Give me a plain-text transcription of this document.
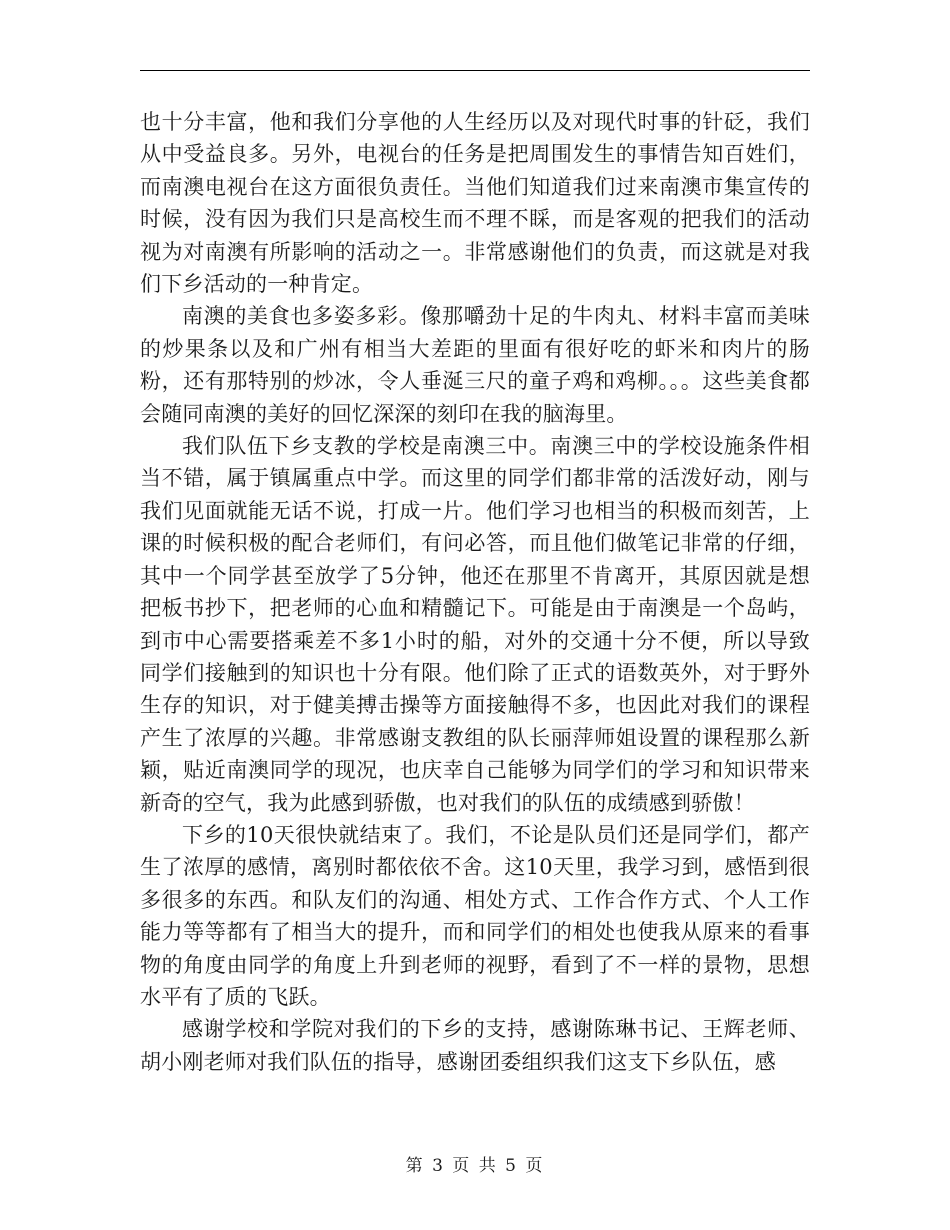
也十分丰富，他和我们分享他的人生经历以及对现代时事的针砭，我们从中受益良多。另外，电视台的任务是把周围发生的事情告知百姓们，而南澳电视台在这方面很负责任。当他们知道我们过来南澳市集宣传的时候，没有因为我们只是高校生而不理不睬，而是客观的把我们的活动视为对南澳有所影响的活动之一。非常感谢他们的负责，而这就是对我们下乡活动的一种肯定。

南澳的美食也多姿多彩。像那嚼劲十足的牛肉丸、材料丰富而美味的炒果条以及和广州有相当大差距的里面有很好吃的虾米和肉片的肠粉，还有那特别的炒冰，令人垂涎三尺的童子鸡和鸡柳。。。这些美食都会随同南澳的美好的回忆深深的刻印在我的脑海里。

我们队伍下乡支教的学校是南澳三中。南澳三中的学校设施条件相当不错，属于镇属重点中学。而这里的同学们都非常的活泼好动，刚与我们见面就能无话不说，打成一片。他们学习也相当的积极而刻苦，上课的时候积极的配合老师们，有问必答，而且他们做笔记非常的仔细，其中一个同学甚至放学了5分钟，他还在那里不肯离开，其原因就是想把板书抄下，把老师的心血和精髓记下。可能是由于南澳是一个岛屿，到市中心需要搭乘差不多1小时的船，对外的交通十分不便，所以导致同学们接触到的知识也十分有限。他们除了正式的语数英外，对于野外生存的知识，对于健美搏击操等方面接触得不多，也因此对我们的课程产生了浓厚的兴趣。非常感谢支教组的队长丽萍师姐设置的课程那么新颖，贴近南澳同学的现况，也庆幸自己能够为同学们的学习和知识带来新奇的空气，我为此感到骄傲，也对我们的队伍的成绩感到骄傲！

下乡的10天很快就结束了。我们，不论是队员们还是同学们，都产生了浓厚的感情，离别时都依依不舍。这10天里，我学习到，感悟到很多很多的东西。和队友们的沟通、相处方式、工作合作方式、个人工作能力等等都有了相当大的提升，而和同学们的相处也使我从原来的看事物的角度由同学的角度上升到老师的视野，看到了不一样的景物，思想水平有了质的飞跃。

感谢学校和学院对我们的下乡的支持，感谢陈琳书记、王辉老师、胡小刚老师对我们队伍的指导，感谢团委组织我们这支下乡队伍，感

第 3 页 共 5 页
